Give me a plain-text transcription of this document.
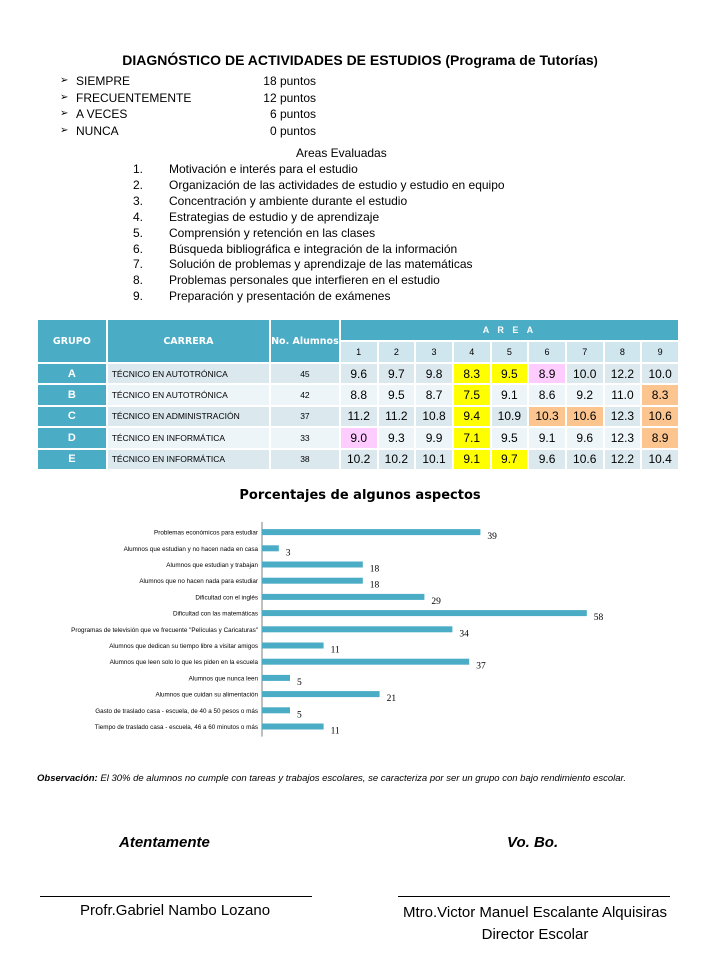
DIAGNÓSTICO DE ACTIVIDADES DE ESTUDIOS (Programa de Tutorías)
➢ SIEMPRE	18 puntos
➢ FRECUENTEMENTE	12 puntos
➢ A VECES	6 puntos
➢ NUNCA	0 puntos
Areas Evaluadas
1.	Motivación e interés para el estudio
2.	Organización de las actividades de estudio y estudio en equipo
3.	Concentración y ambiente durante el estudio
4.	Estrategias de estudio y de aprendizaje
5.	Comprensión y retención en las clases
6.	Búsqueda bibliográfica e integración de la información
7.	Solución de problemas y aprendizaje de las matemáticas
8.	Problemas personales que interfieren en el estudio
9.	Preparación y presentación de exámenes
GRUPO	CARRERA	No. Alumnos	A R E A								
			1	2	3	4	5	6	7	8	9
A	TÉCNICO EN AUTOTRÓNICA	45	9.6	9.7	9.8	8.3	9.5	8.9	10.0	12.2	10.0
B	TÉCNICO EN AUTOTRÓNICA	42	8.8	9.5	8.7	7.5	9.1	8.6	9.2	11.0	8.3
C	TÉCNICO EN ADMINISTRACIÓN	37	11.2	11.2	10.8	9.4	10.9	10.3	10.6	12.3	10.6
D	TÉCNICO EN INFORMÁTICA	33	9.0	9.3	9.9	7.1	9.5	9.1	9.6	12.3	8.9
E	TÉCNICO EN INFORMÁTICA	38	10.2	10.2	10.1	9.1	9.7	9.6	10.6	12.2	10.4
Porcentajes de algunos aspectos
Problemas económicos para estudiar	39
Alumnos que estudian y no hacen nada en casa	3
Alumnos que estudian y trabajan	18
Alumnos que no hacen nada para estudiar	18
Dificultad con el inglés	29
Dificultad con las matemáticas	58
Programas de televisión que ve frecuente "Películas y Caricaturas"	34
Alumnos que dedican su tiempo libre a visitar amigos	11
Alumnos que leen solo lo que les piden en la escuela	37
Alumnos que nunca leen	5
Alumnos que cuidan su alimentación	21
Gasto de traslado casa - escuela, de 40 a 50 pesos o más	5
Tiempo de traslado casa - escuela, 46 a 60 minutos o más	11
Observación: El 30% de alumnos no cumple con tareas y trabajos escolares, se caracteriza por ser un grupo con bajo rendimiento escolar.
Atentamente	Vo. Bo.
Profr.Gabriel Nambo Lozano	Mtro.Victor Manuel Escalante Alquisiras
Director Escolar
